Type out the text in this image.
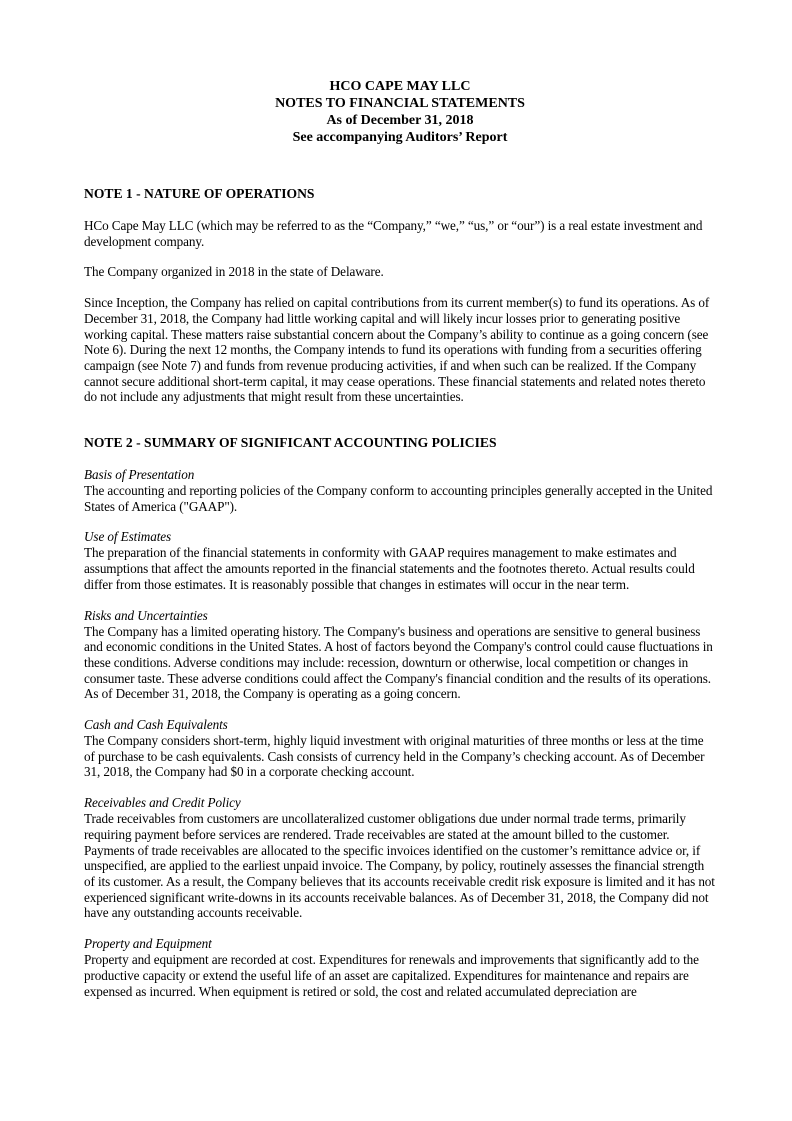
HCO CAPE MAY LLC
NOTES TO FINANCIAL STATEMENTS
As of December 31, 2018
See accompanying Auditors’ Report
NOTE 1 - NATURE OF OPERATIONS

HCo Cape May LLC (which may be referred to as the “Company,” “we,” “us,” or “our”) is a real estate investment and development company.

The Company organized in 2018 in the state of Delaware.

Since Inception, the Company has relied on capital contributions from its current member(s) to fund its operations. As of December 31, 2018, the Company had little working capital and will likely incur losses prior to generating positive working capital. These matters raise substantial concern about the Company’s ability to continue as a going concern (see Note 6). During the next 12 months, the Company intends to fund its operations with funding from a securities offering campaign (see Note 7) and funds from revenue producing activities, if and when such can be realized. If the Company cannot secure additional short-term capital, it may cease operations. These financial statements and related notes thereto do not include any adjustments that might result from these uncertainties.

NOTE 2 - SUMMARY OF SIGNIFICANT ACCOUNTING POLICIES
Basis of Presentation

The accounting and reporting policies of the Company conform to accounting principles generally accepted in the United States of America ("GAAP").

Use of Estimates

The preparation of the financial statements in conformity with GAAP requires management to make estimates and assumptions that affect the amounts reported in the financial statements and the footnotes thereto. Actual results could differ from those estimates. It is reasonably possible that changes in estimates will occur in the near term.

Risks and Uncertainties

The Company has a limited operating history. The Company's business and operations are sensitive to general business and economic conditions in the United States. A host of factors beyond the Company's control could cause fluctuations in these conditions. Adverse conditions may include: recession, downturn or otherwise, local competition or changes in consumer taste. These adverse conditions could affect the Company's financial condition and the results of its operations. As of December 31, 2018, the Company is operating as a going concern.

Cash and Cash Equivalents

The Company considers short-term, highly liquid investment with original maturities of three months or less at the time of purchase to be cash equivalents. Cash consists of currency held in the Company’s checking account. As of December 31, 2018, the Company had $0 in a corporate checking account.

Receivables and Credit Policy

Trade receivables from customers are uncollateralized customer obligations due under normal trade terms, primarily requiring payment before services are rendered. Trade receivables are stated at the amount billed to the customer. Payments of trade receivables are allocated to the specific invoices identified on the customer’s remittance advice or, if unspecified, are applied to the earliest unpaid invoice. The Company, by policy, routinely assesses the financial strength of its customer. As a result, the Company believes that its accounts receivable credit risk exposure is limited and it has not experienced significant write-downs in its accounts receivable balances. As of December 31, 2018, the Company did not have any outstanding accounts receivable.

Property and Equipment

Property and equipment are recorded at cost. Expenditures for renewals and improvements that significantly add to the productive capacity or extend the useful life of an asset are capitalized. Expenditures for maintenance and repairs are expensed as incurred. When equipment is retired or sold, the cost and related accumulated depreciation are
